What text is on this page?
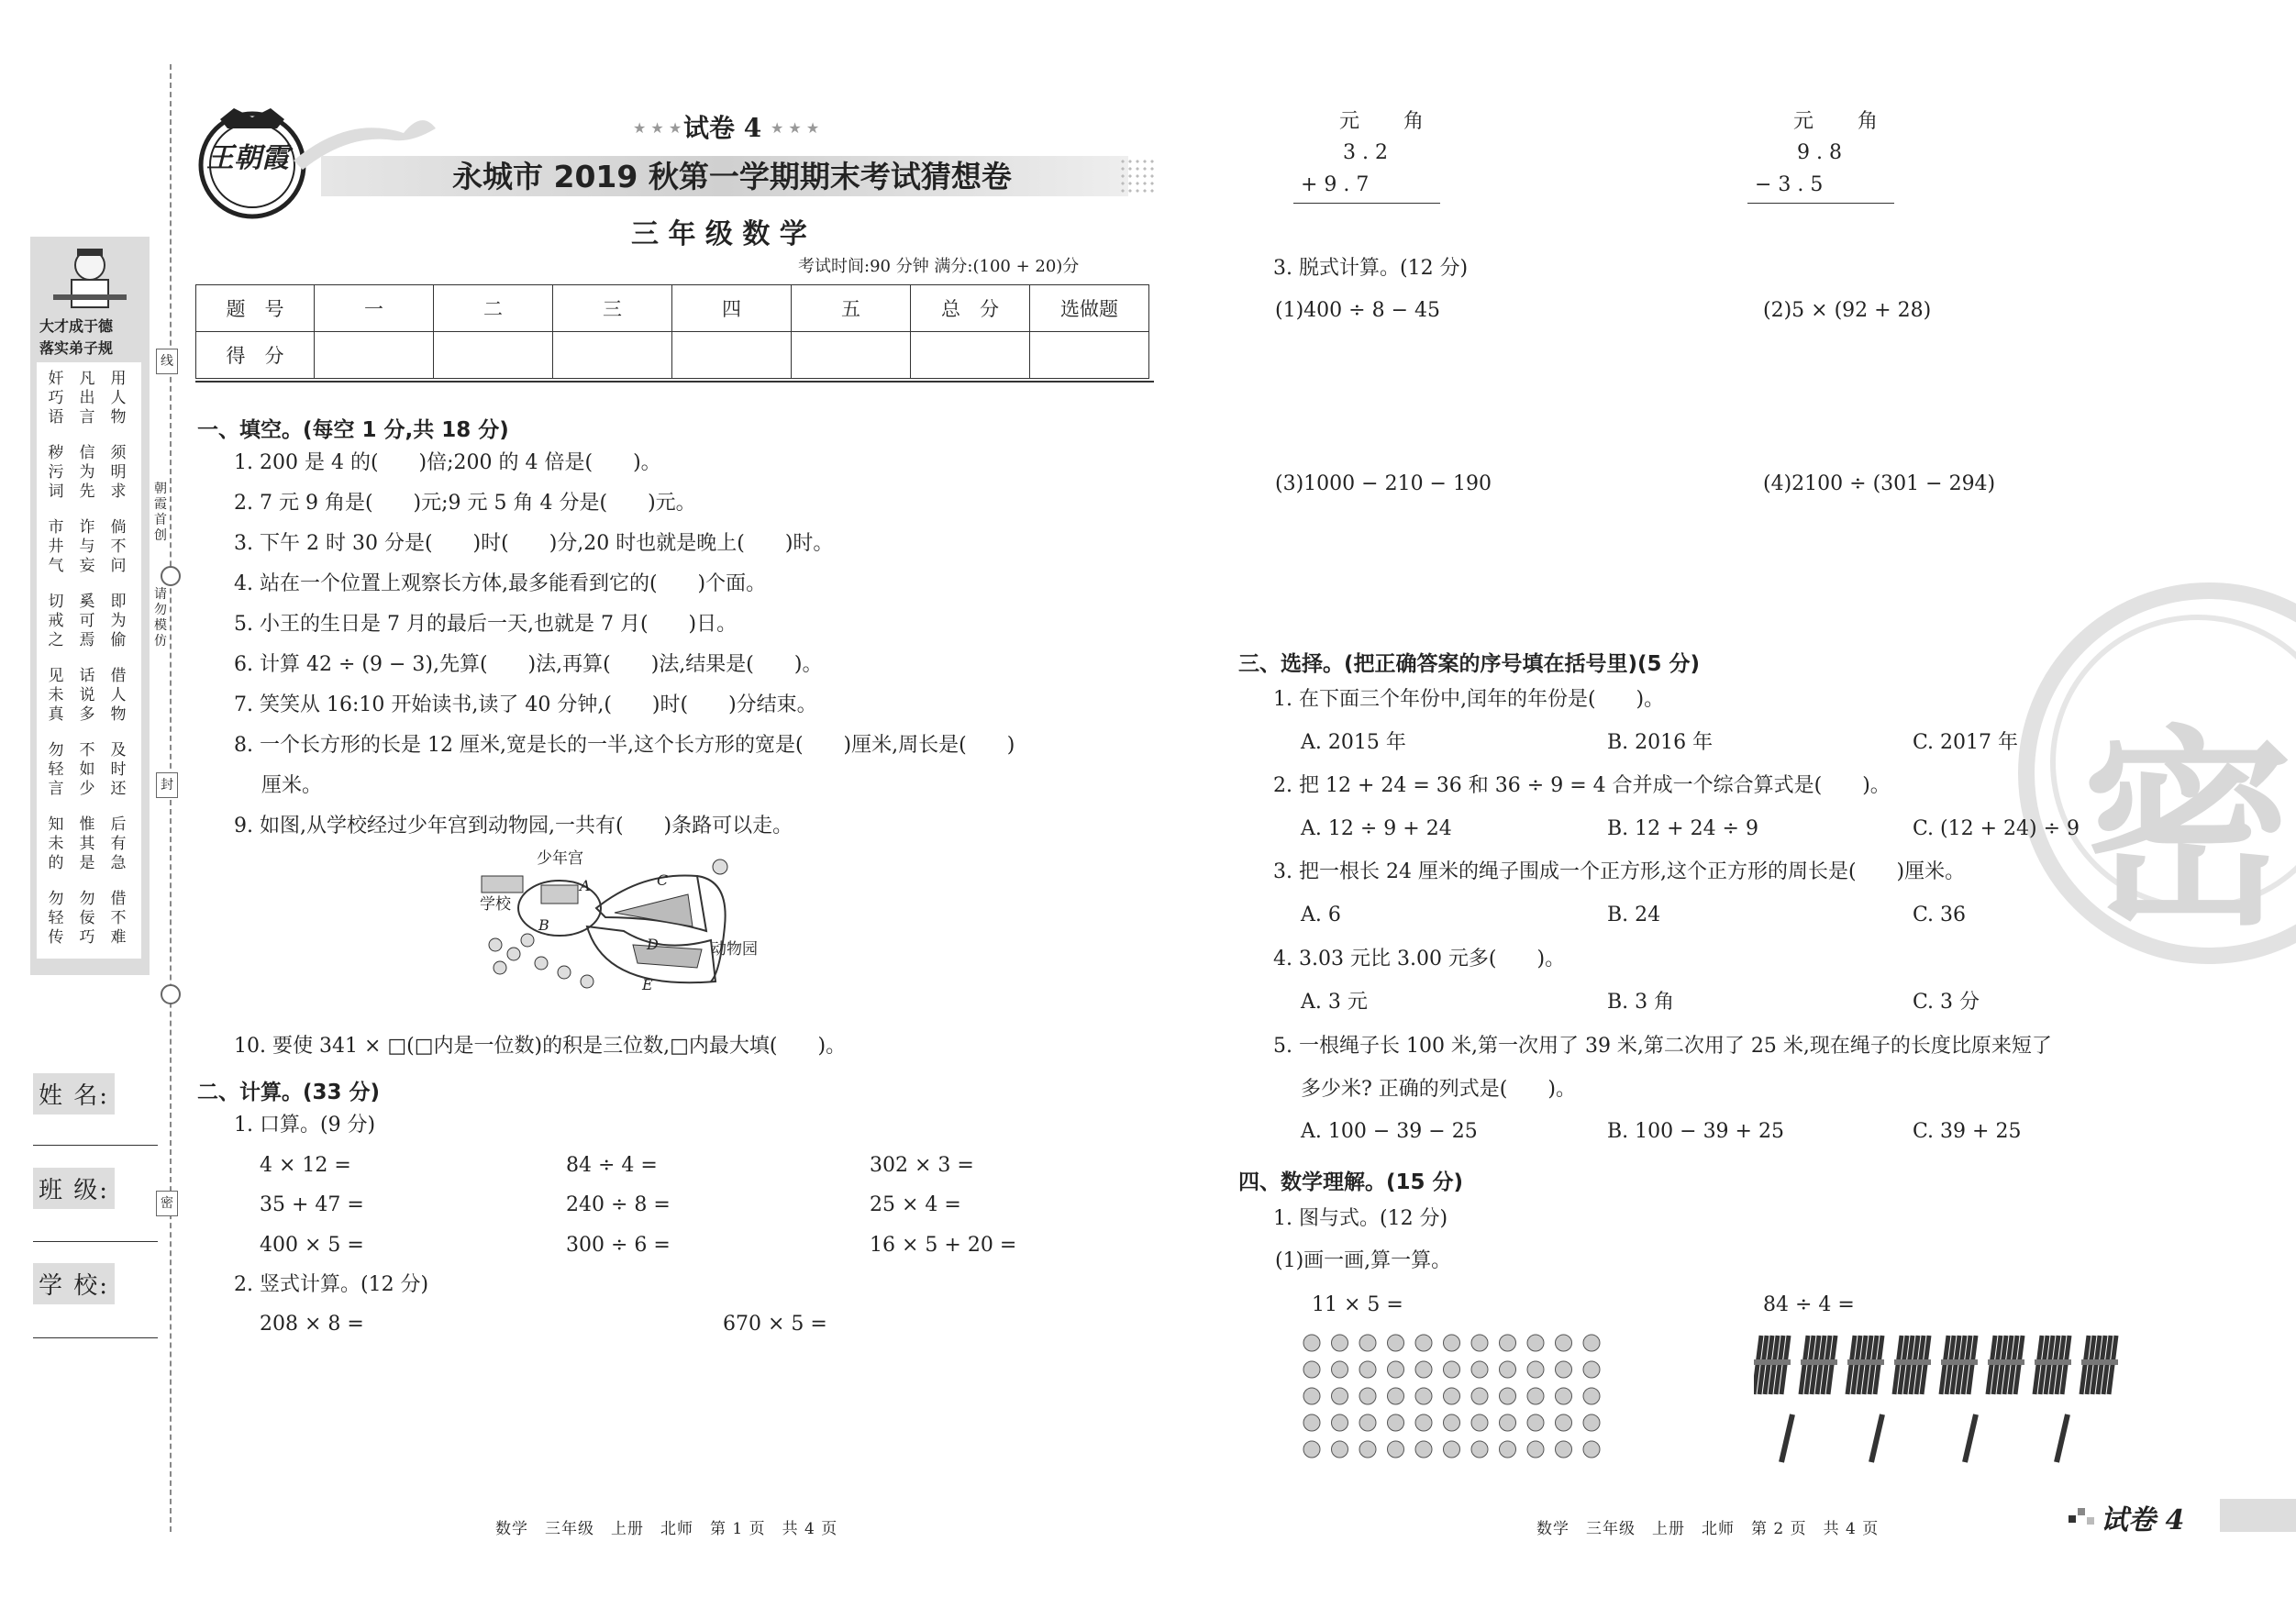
大才成于德
落实弟子规
奸巧语
凡出言
用人物
秽污词
信为先
须明求
市井气
诈与妄
倘不问
切戒之
奚可焉
即为偷
见未真
话说多
借人物
勿轻言
不如少
及时还
知未的
惟其是
后有急
勿轻传
勿佞巧
借不难
线
封
密
朝霞首创
请勿模仿
姓 名:
班 级:
学 校:
王朝霞
★ ★ ★ 试卷 4 ★ ★ ★
永城市 2019 秋第一学期期末考试猜想卷
三 年 级 数 学
考试时间:90 分钟 满分:(100 + 20)分
题　号	一	二	三	四	五	总　分	选做题
得　分							
一、填空。(每空 1 分,共 18 分)
1. 200 是 4 的(　　)倍;200 的 4 倍是(　　)。
2. 7 元 9 角是(　　)元;9 元 5 角 4 分是(　　)元。
3. 下午 2 时 30 分是(　　)时(　　)分,20 时也就是晚上(　　)时。
4. 站在一个位置上观察长方体,最多能看到它的(　　)个面。
5. 小王的生日是 7 月的最后一天,也就是 7 月(　　)日。
6. 计算 42 ÷ (9 − 3),先算(　　)法,再算(　　)法,结果是(　　)。
7. 笑笑从 16:10 开始读书,读了 40 分钟,(　　)时(　　)分结束。
8. 一个长方形的长是 12 厘米,宽是长的一半,这个长方形的宽是(　　)厘米,周长是(　　)
厘米。
9. 如图,从学校经过少年宫到动物园,一共有(　　)条路可以走。
少年宫
学校
动物园
A
B
C
D
E
10. 要使 341 × □(□内是一位数)的积是三位数,□内最大填(　　)。
二、计算。(33 分)
1. 口算。(9 分)
4 × 12 =	84 ÷ 4 =	302 × 3 =
35 + 47 =	240 ÷ 8 =	25 × 4 =
400 × 5 =	300 ÷ 6 =	16 × 5 + 20 =
2. 竖式计算。(12 分)
208 × 8 =	670 × 5 =
数学　三年级　上册　北师　第 1 页　共 4 页
密
元 角
3 . 2
+ 9 . 7
元 角
9 . 8
− 3 . 5
3. 脱式计算。(12 分)
(1)400 ÷ 8 − 45	(2)5 × (92 + 28)
(3)1000 − 210 − 190	(4)2100 ÷ (301 − 294)
三、选择。(把正确答案的序号填在括号里)(5 分)
1. 在下面三个年份中,闰年的年份是(　　)。
A. 2015 年	B. 2016 年	C. 2017 年
2. 把 12 + 24 = 36 和 36 ÷ 9 = 4 合并成一个综合算式是(　　)。
A. 12 ÷ 9 + 24	B. 12 + 24 ÷ 9	C. (12 + 24) ÷ 9
3. 把一根长 24 厘米的绳子围成一个正方形,这个正方形的周长是(　　)厘米。
A. 6	B. 24	C. 36
4. 3.03 元比 3.00 元多(　　)。
A. 3 元	B. 3 角	C. 3 分
5. 一根绳子长 100 米,第一次用了 39 米,第二次用了 25 米,现在绳子的长度比原来短了
多少米? 正确的列式是(　　)。
A. 100 − 39 − 25	B. 100 − 39 + 25	C. 39 + 25
四、数学理解。(15 分)
1. 图与式。(12 分)
(1)画一画,算一算。
11 × 5 =	84 ÷ 4 =
数学　三年级　上册　北师　第 2 页　共 4 页	试卷 4
